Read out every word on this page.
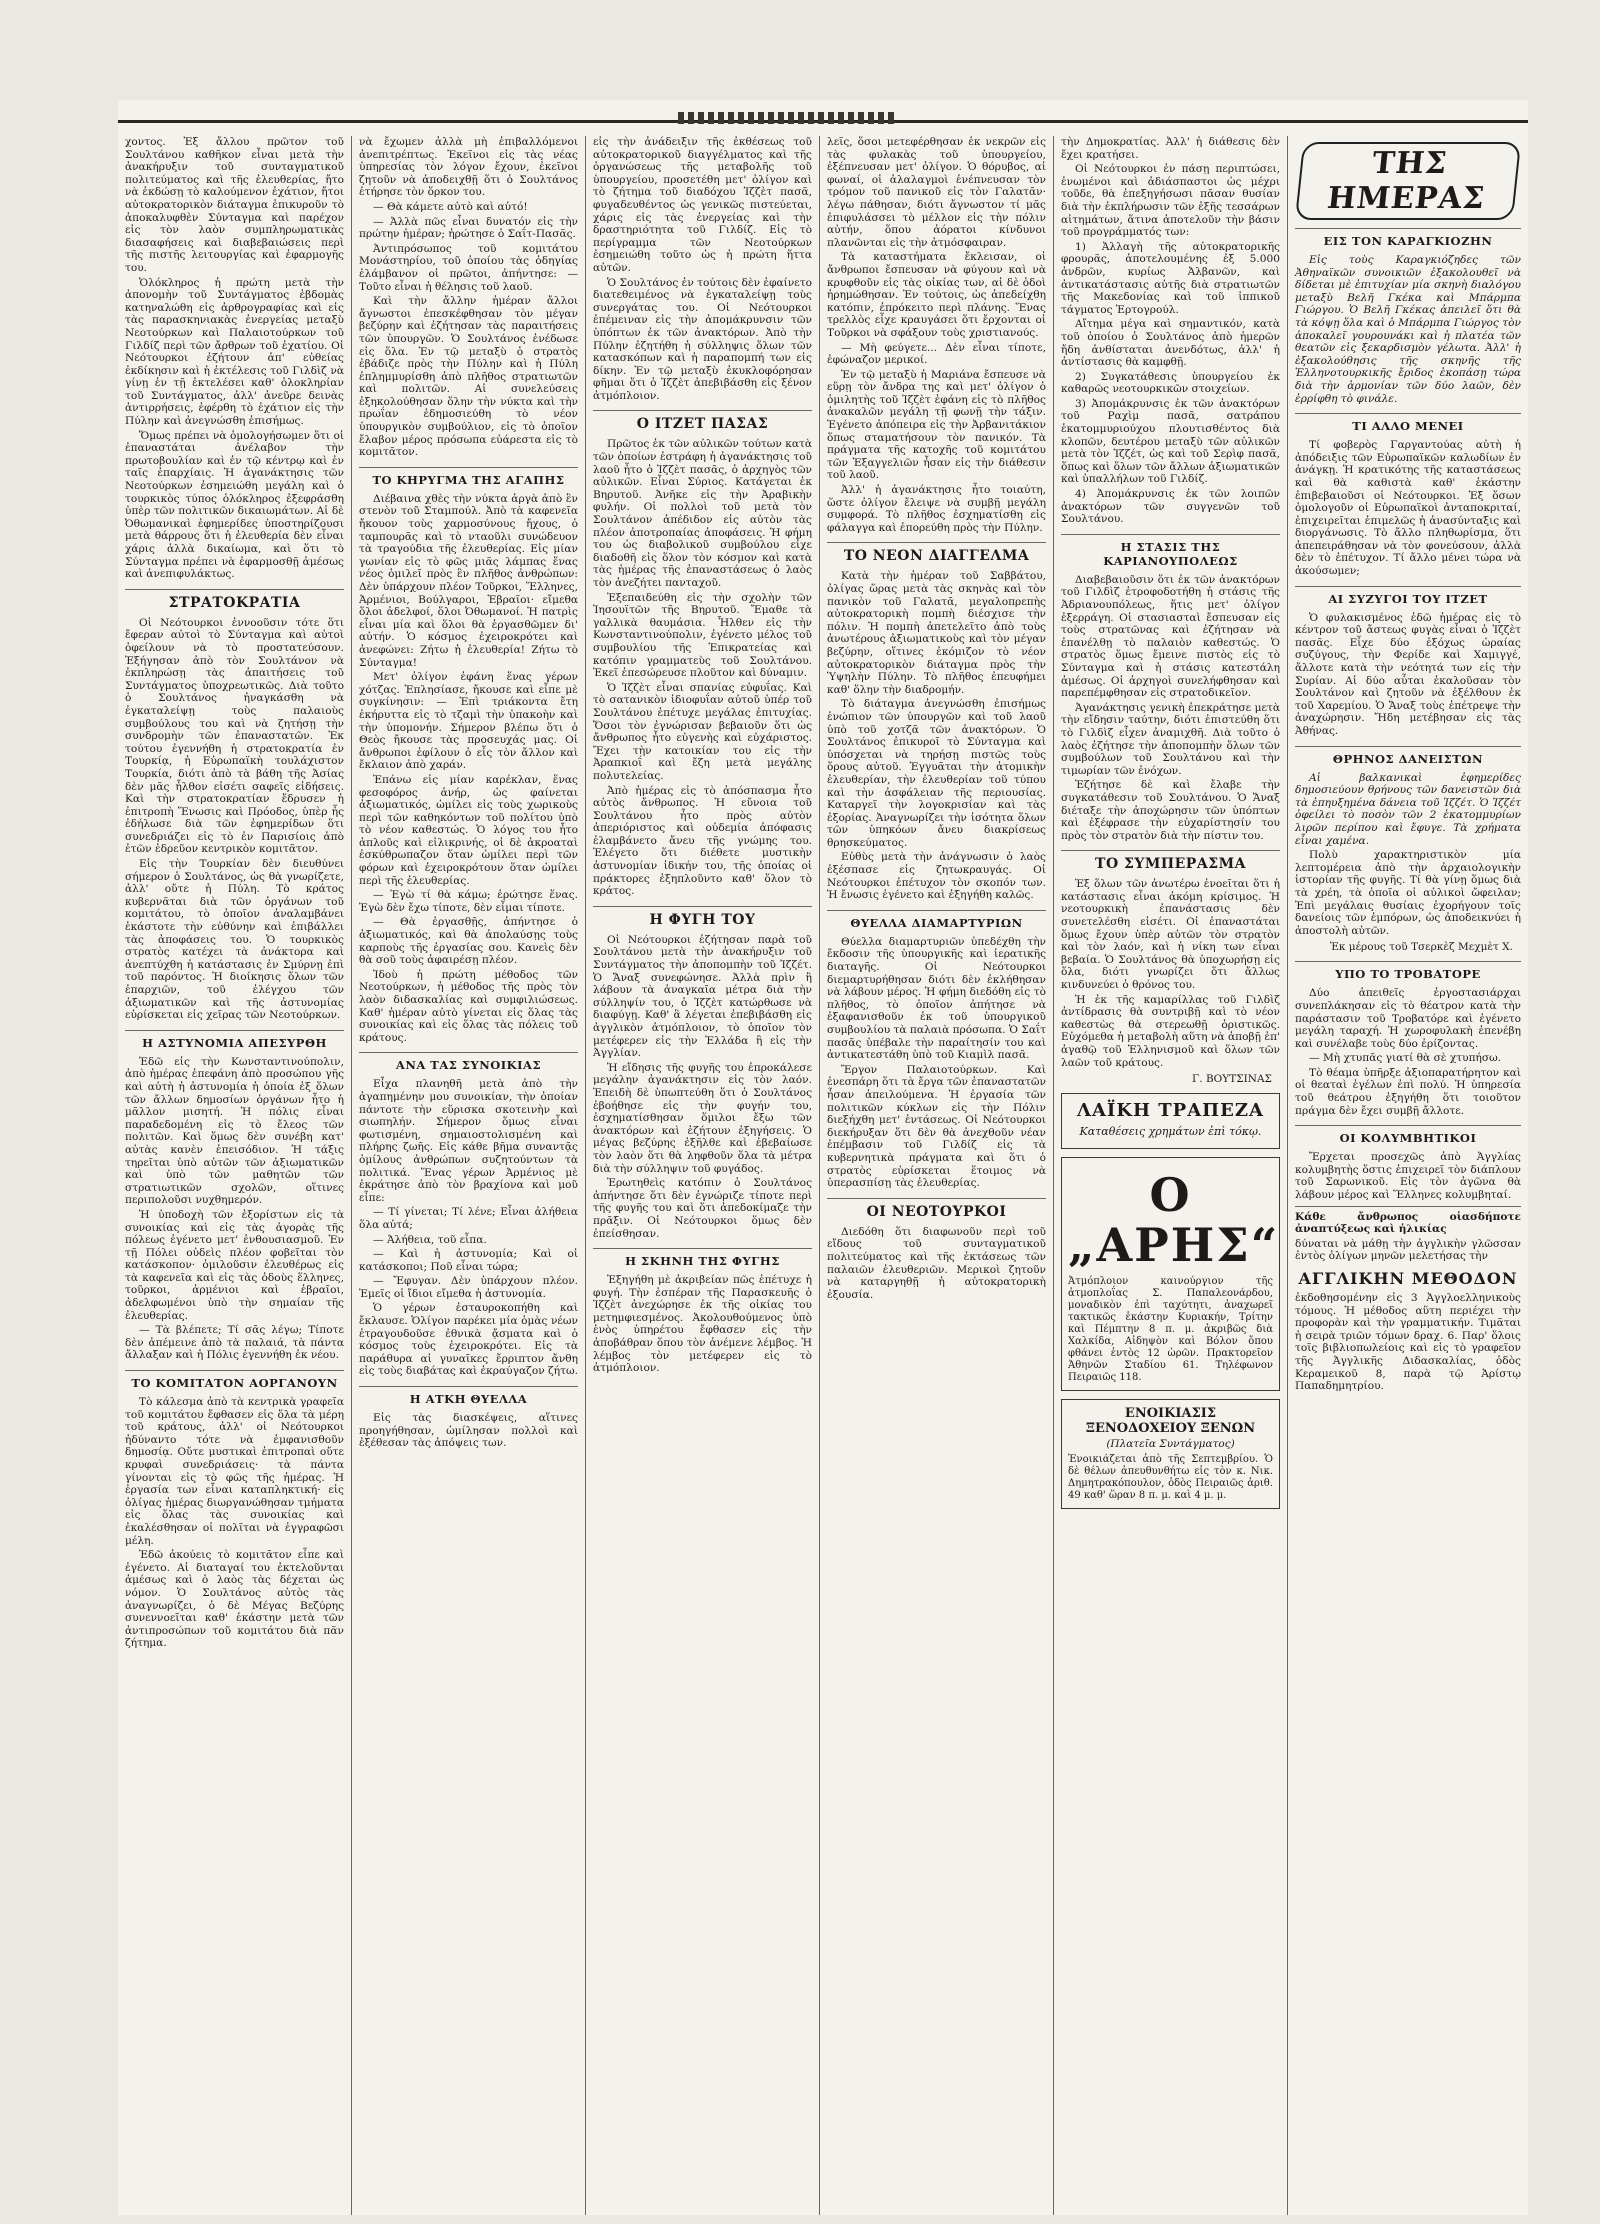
χοντος. Ἐξ ἄλλου πρῶτον τοῦ Σουλτάνου καθῆκον εἶναι μετὰ τὴν ἀνακήρυξιν τοῦ συνταγματικοῦ πολιτεύματος καὶ τῆς ἐλευθερίας, ἤτο νὰ ἐκδώσῃ τὸ καλούμενον ἐχάτιον, ἤτοι αὐτοκρατορικὸν διάταγμα ἐπικυροῦν τὸ ἀποκαλυφθὲν Σύνταγμα καὶ παρέχον εἰς τὸν λαὸν συμπληρωματικὰς διασαφήσεις καὶ διαβεβαιώσεις περὶ τῆς πιστῆς λειτουργίας καὶ ἐφαρμογῆς του.

Ὁλόκληρος ἡ πρώτη μετὰ τὴν ἀπονομὴν τοῦ Συντάγματος ἑβδομὰς κατηναλώθη εἰς ἀρθρογραφίας καὶ εἰς τὰς παρασκηνιακὰς ἐνεργείας μεταξὺ Νεοτούρκων καὶ Παλαιοτούρκων τοῦ Γιλδίζ περὶ τῶν ἄρθρων τοῦ ἐχατίου. Οἱ Νεότουρκοι ἐζήτουν ἀπ' εὐθείας ἐκδίκησιν καὶ ἡ ἐκτέλεσις τοῦ Γιλδὶζ νὰ γίνῃ ἐν τῇ ἐκτελέσει καθ' ὁλοκληρίαν τοῦ Συντάγματος, ἀλλ' ἀνεῦρε δεινὰς ἀντιρρήσεις, ἐφέρθη τὸ ἐχάτιον εἰς τὴν Πύλην καὶ ἀνεγνώσθη ἐπισήμως.

Ὅμως πρέπει νὰ ὁμολογήσωμεν ὅτι οἱ ἐπαναστάται ἀνέλαβον τὴν πρωτοβουλίαν καὶ ἐν τῷ κέντρῳ καὶ ἐν ταῖς ἐπαρχίαις. Ἡ ἀγανάκτησις τῶν Νεοτούρκων ἐσημειώθη μεγάλη καὶ ὁ τουρκικὸς τύπος ὁλόκληρος ἐξεφράσθη ὑπὲρ τῶν πολιτικῶν δικαιωμάτων. Αἱ δὲ Ὀθωμανικαὶ ἐφημερίδες ὑποστηρίζουσι μετὰ θάρρους ὅτι ἡ ἐλευθερία δὲν εἶναι χάρις ἀλλὰ δικαίωμα, καὶ ὅτι τὸ Σύνταγμα πρέπει νὰ ἐφαρμοσθῇ ἀμέσως καὶ ἀνεπιφυλάκτως.

ΣΤΡΑΤΟΚΡΑΤΙΑ

Οἱ Νεότουρκοι ἐννοοῦσιν τότε ὅτι ἔφεραν αὐτοὶ τὸ Σύνταγμα καὶ αὐτοὶ ὀφείλουν νὰ τὸ προστατεύσουν. Ἐξήγησαν ἀπὸ τὸν Σουλτάνον νὰ ἐκπληρώσῃ τὰς ἀπαιτήσεις τοῦ Συντάγματος ὑποχρεωτικῶς. Διὰ τοῦτο ὁ Σουλτάνος ἠναγκάσθη νὰ ἐγκαταλείψῃ τοὺς παλαιοὺς συμβούλους του καὶ νὰ ζητήσῃ τὴν συνδρομὴν τῶν ἐπαναστατῶν. Ἐκ τούτου ἐγεννήθη ἡ στρατοκρατία ἐν Τουρκίᾳ, ἡ Εὐρωπαϊκὴ τουλάχιστον Τουρκία, διότι ἀπὸ τὰ βάθη τῆς Ἀσίας δὲν μᾶς ἦλθον εἰσέτι σαφεῖς εἰδήσεις. Καὶ τὴν στρατοκρατίαν ἔδρυσεν ἡ ἐπιτροπὴ Ἕνωσις καὶ Πρόοδος, ὑπὲρ ἧς ἐδήλωσε διὰ τῶν ἐφημερίδων ὅτι συνεδριάζει εἰς τὸ ἐν Παρισίοις ἀπὸ ἐτῶν ἑδρεῦον κεντρικὸν κομιτᾶτον.

Εἰς τὴν Τουρκίαν δὲν διευθύνει σήμερον ὁ Σουλτάνος, ὡς θὰ γνωρίζετε, ἀλλ' οὔτε ἡ Πύλη. Τὸ κράτος κυβερνᾶται διὰ τῶν ὀργάνων τοῦ κομιτάτου, τὸ ὁποῖον ἀναλαμβάνει ἑκάστοτε τὴν εὐθύνην καὶ ἐπιβάλλει τὰς ἀποφάσεις του. Ὁ τουρκικὸς στρατὸς κατέχει τὰ ἀνάκτορα καὶ ἀνεπτύχθη ἡ κατάστασις ἐν Σμύρνῃ ἐπὶ τοῦ παρόντος. Ἡ διοίκησις ὅλων τῶν ἐπαρχιῶν, τοῦ ἐλέγχου τῶν ἀξιωματικῶν καὶ τῆς ἀστυνομίας εὑρίσκεται εἰς χεῖρας τῶν Νεοτούρκων.

Η ΑΣΤΥΝΟΜΙΑ ΑΠΕΣΥΡΘΗ

Ἐδῶ εἰς τὴν Κωνσταντινούπολιν, ἀπὸ ἡμέρας ἐπεφάνη ἀπὸ προσώπου γῆς καὶ αὐτὴ ἡ ἀστυνομία ἡ ὁποία ἐξ ὅλων τῶν ἄλλων δημοσίων ὀργάνων ἦτο ἡ μᾶλλον μισητή. Ἡ πόλις εἶναι παραδεδομένη εἰς τὸ ἔλεος τῶν πολιτῶν. Καὶ ὅμως δὲν συνέβη κατ' αὐτὰς κανὲν ἐπεισόδιον. Ἡ τάξις τηρεῖται ὑπὸ αὐτῶν τῶν ἀξιωματικῶν καὶ ὑπὸ τῶν μαθητῶν τῶν στρατιωτικῶν σχολῶν, οἵτινες περιπολοῦσι νυχθημερόν.

Ἡ ὑποδοχὴ τῶν ἐξορίστων εἰς τὰ συνοικίας καὶ εἰς τὰς ἀγορὰς τῆς πόλεως ἐγένετο μετ' ἐνθουσιασμοῦ. Ἐν τῇ Πόλει οὐδεὶς πλέον φοβεῖται τὸν κατάσκοπον· ὁμιλοῦσιν ἐλευθέρως εἰς τὰ καφενεῖα καὶ εἰς τὰς ὁδοὺς ἕλληνες, τοῦρκοι, ἀρμένιοι καὶ ἑβραῖοι, ἀδελφωμένοι ὑπὸ τὴν σημαίαν τῆς ἐλευθερίας.

— Τὰ βλέπετε; Τί σᾶς λέγω; Τίποτε δὲν ἀπέμεινε ἀπὸ τὰ παλαιά, τὰ πάντα ἄλλαξαν καὶ ἡ Πόλις ἐγεννήθη ἐκ νέου.

ΤΟ ΚΟΜΙΤΑΤΟΝ ΑΟΡΓΑΝΟΥΝ

Τὸ κάλεσμα ἀπὸ τὰ κεντρικὰ γραφεῖα τοῦ κομιτάτου ἔφθασεν εἰς ὅλα τὰ μέρη τοῦ κράτους, ἀλλ' οἱ Νεότουρκοι ἠδύναντο τότε νὰ ἐμφανισθοῦν δημοσίᾳ. Οὔτε μυστικαὶ ἐπιτροπαὶ οὔτε κρυφαὶ συνεδριάσεις· τὰ πάντα γίνονται εἰς τὸ φῶς τῆς ἡμέρας. Ἡ ἐργασία των εἶναι καταπληκτική· εἰς ὀλίγας ἡμέρας διωργανώθησαν τμήματα εἰς ὅλας τὰς συνοικίας καὶ ἐκαλέσθησαν οἱ πολῖται νὰ ἐγγραφῶσι μέλη.

Ἐδῶ ἀκούεις τὸ κομιτᾶτον εἶπε καὶ ἐγένετο. Αἱ διαταγαί του ἐκτελοῦνται ἀμέσως καὶ ὁ λαὸς τὰς δέχεται ὡς νόμον. Ὁ Σουλτάνος αὐτὸς τὰς ἀναγνωρίζει, ὁ δὲ Μέγας Βεζύρης συνεννοεῖται καθ' ἑκάστην μετὰ τῶν ἀντιπροσώπων τοῦ κομιτάτου διὰ πᾶν ζήτημα.

νὰ ἔχωμεν ἀλλὰ μὴ ἐπιβαλλόμενοι ἀνεπιτρέπτως. Ἐκεῖνοι εἰς τὰς νέας ὑπηρεσίας τὸν λόγον ἔχουν, ἐκεῖνοι ζητοῦν νὰ ἀποδειχθῇ ὅτι ὁ Σουλτάνος ἐτήρησε τὸν ὅρκον του.

— Θὰ κάμετε αὐτὸ καὶ αὐτό!

— Ἀλλὰ πῶς εἶναι δυνατόν εἰς τὴν πρώτην ἡμέραν; ἠρώτησε ὁ Σαΐτ-Πασᾶς.

Ἀντιπρόσωπος τοῦ κομιτάτου Μονάστηρίου, τοῦ ὁποίου τὰς ὁδηγίας ἐλάμβανον οἱ πρῶτοι, ἀπήντησε: — Τοῦτο εἶναι ἡ θέλησις τοῦ λαοῦ.

Καὶ τὴν ἄλλην ἡμέραν ἄλλοι ἄγνωστοι ἐπεσκέφθησαν τὸν μέγαν βεζύρην καὶ ἐζήτησαν τὰς παραιτήσεις τῶν ὑπουργῶν. Ὁ Σουλτάνος ἐνέδωσε εἰς ὅλα. Ἐν τῷ μεταξὺ ὁ στρατὸς ἐβάδιζε πρὸς τὴν Πύλην καὶ ἡ Πύλη ἐπλημμυρίσθη ἀπὸ πλῆθος στρατιωτῶν καὶ πολιτῶν. Αἱ συνελεύσεις ἐξηκολούθησαν ὅλην τὴν νύκτα καὶ τὴν πρωΐαν ἐδημοσιεύθη τὸ νέον ὑπουργικὸν συμβούλιον, εἰς τὸ ὁποῖον ἔλαβον μέρος πρόσωπα εὐάρεστα εἰς τὸ κομιτᾶτον.

ΤΟ ΚΗΡΥΓΜΑ ΤΗΣ ΑΓΑΠΗΣ

Διέβαινα χθὲς τὴν νύκτα ἀργὰ ἀπὸ ἓν στενὸν τοῦ Σταμπούλ. Ἀπὸ τὰ καφενεῖα ἤκουον τοὺς χαρμοσύνους ἤχους, ὁ ταμπουρᾶς καὶ τὸ νταοῦλι συνώδευον τὰ τραγούδια τῆς ἐλευθερίας. Εἰς μίαν γωνίαν εἰς τὸ φῶς μιᾶς λάμπας ἕνας νέος ὁμιλεῖ πρὸς ἓν πλῆθος ἀνθρώπων: Δὲν ὑπάρχουν πλέον Τοῦρκοι, Ἕλληνες, Ἀρμένιοι, Βούλγαροι, Ἑβραῖοι· εἴμεθα ὅλοι ἀδελφοί, ὅλοι Ὀθωμανοί. Ἡ πατρὶς εἶναι μία καὶ ὅλοι θὰ ἐργασθῶμεν δι' αὐτήν. Ὁ κόσμος ἐχειροκρότει καὶ ἀνεφώνει: Ζήτω ἡ ἐλευθερία! Ζήτω τὸ Σύνταγμα!

Μετ' ὀλίγον ἐφάνη ἕνας γέρων χότζας. Ἐπλησίασε, ἤκουσε καὶ εἶπε μὲ συγκίνησιν: — Ἐπὶ τριάκοντα ἔτη ἐκήρυττα εἰς τὸ τζαμὶ τὴν ὑπακοὴν καὶ τὴν ὑπομονήν. Σήμερον βλέπω ὅτι ὁ Θεὸς ἤκουσε τὰς προσευχάς μας. Οἱ ἄνθρωποι ἐφίλουν ὁ εἷς τὸν ἄλλον καὶ ἔκλαιον ἀπὸ χαράν.

Ἐπάνω εἰς μίαν καρέκλαν, ἕνας φεσοφόρος ἀνήρ, ὡς φαίνεται ἀξιωματικός, ὡμίλει εἰς τοὺς χωρικοὺς περὶ τῶν καθηκόντων τοῦ πολίτου ὑπὸ τὸ νέον καθεστώς. Ὁ λόγος του ἦτο ἁπλοῦς καὶ εἰλικρινής, οἱ δὲ ἀκροαταὶ ἐσκύθρωπαζον ὅταν ὡμίλει περὶ τῶν φόρων καὶ ἐχειροκρότουν ὅταν ὡμίλει περὶ τῆς ἐλευθερίας.

— Ἐγὼ τί θὰ κάμω; ἐρώτησε ἕνας. Ἐγὼ δὲν ἔχω τίποτε, δὲν εἶμαι τίποτε.

— Θὰ ἐργασθῇς, ἀπήντησε ὁ ἀξιωματικός, καὶ θὰ ἀπολαύσῃς τοὺς καρποὺς τῆς ἐργασίας σου. Κανεὶς δὲν θὰ σοῦ τοὺς ἀφαιρέσῃ πλέον.

Ἰδοὺ ἡ πρώτη μέθοδος τῶν Νεοτούρκων, ἡ μέθοδος τῆς πρὸς τὸν λαὸν διδασκαλίας καὶ συμφιλιώσεως. Καθ' ἡμέραν αὐτὸ γίνεται εἰς ὅλας τὰς συνοικίας καὶ εἰς ὅλας τὰς πόλεις τοῦ κράτους.

ΑΝΑ ΤΑΣ ΣΥΝΟΙΚΙΑΣ

Εἶχα πλανηθῆ μετὰ ἀπὸ τὴν ἀγαπημένην μου συνοικίαν, τὴν ὁποίαν πάντοτε τὴν εὕρισκα σκοτεινὴν καὶ σιωπηλήν. Σήμερον ὅμως εἶναι φωτισμένη, σημαιοστολισμένη καὶ πλήρης ζωῆς. Εἰς κάθε βῆμα συναντᾷς ὁμίλους ἀνθρώπων συζητούντων τὰ πολιτικά. Ἕνας γέρων Ἀρμένιος μὲ ἐκράτησε ἀπὸ τὸν βραχίονα καὶ μοῦ εἶπε:

— Τί γίνεται; Τί λένε; Εἶναι ἀλήθεια ὅλα αὐτά;

— Ἀλήθεια, τοῦ εἶπα.

— Καὶ ἡ ἀστυνομία; Καὶ οἱ κατάσκοποι; Ποῦ εἶναι τώρα;

— Ἔφυγαν. Δὲν ὑπάρχουν πλέον. Ἐμεῖς οἱ ἴδιοι εἴμεθα ἡ ἀστυνομία.

Ὁ γέρων ἐσταυροκοπήθη καὶ ἔκλαυσε. Ὁλίγον παρέκει μία ὁμὰς νέων ἐτραγουδοῦσε ἐθνικὰ ᾄσματα καὶ ὁ κόσμος τοὺς ἐχειροκρότει. Εἰς τὰ παράθυρα αἱ γυναῖκες ἔρριπτον ἄνθη εἰς τοὺς διαβάτας καὶ ἐκραύγαζον ζήτω.

Η ΑΤΚΗ ΘΥΕΛΛΑ

Εἰς τὰς διασκέψεις, αἵτινες προηγήθησαν, ὡμίλησαν πολλοὶ καὶ ἐξέθεσαν τὰς ἀπόψεις των.

εἰς τὴν ἀνάδειξιν τῆς ἐκθέσεως τοῦ αὐτοκρατορικοῦ διαγγέλματος καὶ τῆς ὀργανώσεως τῆς μεταβολῆς τοῦ ὑπουργείου, προσετέθη μετ' ὀλίγον καὶ τὸ ζήτημα τοῦ διαδόχου Ἰζζὲτ πασᾶ, φυγαδευθέντος ὡς γενικῶς πιστεύεται, χάρις εἰς τὰς ἐνεργείας καὶ τὴν δραστηριότητα τοῦ Γιλδίζ. Εἰς τὸ περίγραμμα τῶν Νεοτούρκων ἐσημειώθη τοῦτο ὡς ἡ πρώτη ἥττα αὐτῶν.

Ὁ Σουλτάνος ἐν τούτοις δὲν ἐφαίνετο διατεθειμένος νὰ ἐγκαταλείψῃ τοὺς συνεργάτας του. Οἱ Νεότουρκοι ἐπέμειναν εἰς τὴν ἀπομάκρυνσιν τῶν ὑπόπτων ἐκ τῶν ἀνακτόρων. Ἀπὸ τὴν Πύλην ἐζητήθη ἡ σύλληψις ὅλων τῶν κατασκόπων καὶ ἡ παραπομπή των εἰς δίκην. Ἐν τῷ μεταξὺ ἐκυκλοφόρησαν φῆμαι ὅτι ὁ Ἰζζὲτ ἀπεβιβάσθη εἰς ξένον ἀτμόπλοιον.

Ο ΙΤΖΕΤ ΠΑΣΑΣ

Πρῶτος ἐκ τῶν αὐλικῶν τούτων κατὰ τῶν ὁποίων ἐστράφη ἡ ἀγανάκτησις τοῦ λαοῦ ἦτο ὁ Ἰζζὲτ πασᾶς, ὁ ἀρχηγὸς τῶν αὐλικῶν. Εἶναι Σύριος. Κατάγεται ἐκ Βηρυτοῦ. Ἀνῆκε εἰς τὴν Ἀραβικὴν φυλήν. Οἱ πολλοὶ τοῦ μετὰ τὸν Σουλτάνον ἀπέδιδον εἰς αὐτὸν τὰς πλέον ἀποτροπαίας ἀποφάσεις. Ἡ φήμη του ὡς διαβολικοῦ συμβούλου εἶχε διαδοθῆ εἰς ὅλον τὸν κόσμον καὶ κατὰ τὰς ἡμέρας τῆς ἐπαναστάσεως ὁ λαὸς τὸν ἀνεζήτει πανταχοῦ.

Ἐξεπαιδεύθη εἰς τὴν σχολὴν τῶν Ἰησουϊτῶν τῆς Βηρυτοῦ. Ἔμαθε τὰ γαλλικὰ θαυμάσια. Ἦλθεν εἰς τὴν Κωνσταντινούπολιν, ἐγένετο μέλος τοῦ συμβουλίου τῆς Ἐπικρατείας καὶ κατόπιν γραμματεὺς τοῦ Σουλτάνου. Ἐκεῖ ἐπεσώρευσε πλοῦτον καὶ δύναμιν.

Ὁ Ἰζζὲτ εἶναι σπανίας εὐφυΐας. Καὶ τὸ σατανικὸν ἰδιοφυΐαν αὐτοῦ ὑπέρ τοῦ Σουλτάνου ἐπέτυχε μεγάλας ἐπιτυχίας. Ὅσοι τὸν ἐγνώρισαν βεβαιοῦν ὅτι ὡς ἄνθρωπος ἦτο εὐγενὴς καὶ εὐχάριστος. Ἔχει τὴν κατοικίαν του εἰς τὴν Ἀραπκιοΐ καὶ ἔζη μετὰ μεγάλης πολυτελείας.

Ἀπὸ ἡμέρας εἰς τὸ ἀπόσπασμα ἦτο αὐτὸς ἄνθρωπος. Ἡ εὔνοια τοῦ Σουλτάνου ἦτο πρὸς αὐτὸν ἀπεριόριστος καὶ οὐδεμία ἀπόφασις ἐλαμβάνετο ἄνευ τῆς γνώμης του. Ἐλέγετο ὅτι διέθετε μυστικὴν ἀστυνομίαν ἰδικήν του, τῆς ὁποίας οἱ πράκτορες ἐξηπλοῦντο καθ' ὅλον τὸ κράτος.

Η ΦΥΓΗ ΤΟΥ

Οἱ Νεότουρκοι ἐζήτησαν παρὰ τοῦ Σουλτάνου μετὰ τὴν ἀνακήρυξιν τοῦ Συντάγματος τὴν ἀποπομπὴν τοῦ Ἰζζέτ. Ὁ Ἄναξ συνεφώνησε. Ἀλλὰ πρὶν ἢ λάβουν τὰ ἀναγκαῖα μέτρα διὰ τὴν σύλληψίν του, ὁ Ἰζζὲτ κατώρθωσε νὰ διαφύγῃ. Καθ' ἃ λέγεται ἐπεβιβάσθη εἰς ἀγγλικὸν ἀτμόπλοιον, τὸ ὁποῖον τὸν μετέφερεν εἰς τὴν Ἑλλάδα ἢ εἰς τὴν Ἀγγλίαν.

Ἡ εἴδησις τῆς φυγῆς του ἐπροκάλεσε μεγάλην ἀγανάκτησιν εἰς τὸν λαόν. Ἐπειδὴ δὲ ὑπωπτεύθη ὅτι ὁ Σουλτάνος ἐβοήθησε εἰς τὴν φυγήν του, ἐσχηματίσθησαν ὅμιλοι ἔξω τῶν ἀνακτόρων καὶ ἐζήτουν ἐξηγήσεις. Ὁ μέγας βεζύρης ἐξῆλθε καὶ ἐβεβαίωσε τὸν λαὸν ὅτι θὰ ληφθοῦν ὅλα τὰ μέτρα διὰ τὴν σύλληψιν τοῦ φυγάδος.

Ἐρωτηθεὶς κατόπιν ὁ Σουλτάνος ἀπήντησε ὅτι δὲν ἐγνώριζε τίποτε περὶ τῆς φυγῆς του καὶ ὅτι ἀπεδοκίμαζε τὴν πρᾶξιν. Οἱ Νεότουρκοι ὅμως δὲν ἐπείσθησαν.

Η ΣΚΗΝΗ ΤΗΣ ΦΥΓΗΣ

Ἐξηγήθη μὲ ἀκριβείαν πῶς ἐπέτυχε ἡ φυγή. Τὴν ἑσπέραν τῆς Παρασκευῆς ὁ Ἰζζὲτ ἀνεχώρησε ἐκ τῆς οἰκίας του μετημφιεσμένος. Ἀκολουθούμενος ὑπὸ ἑνὸς ὑπηρέτου ἔφθασεν εἰς τὴν ἀποβάθραν ὅπου τὸν ἀνέμενε λέμβος. Ἡ λέμβος τὸν μετέφερεν εἰς τὸ ἀτμόπλοιον.

λεῖς, ὅσοι μετεφέρθησαν ἐκ νεκρῶν εἰς τὰς φυλακὰς τοῦ ὑπουργείου, ἐξέπνευσαν μετ' ὀλίγον. Ὁ θόρυβος, αἱ φωναί, οἱ ἀλαλαγμοὶ ἐνέπνευσαν τὸν τρόμον τοῦ πανικοῦ εἰς τὸν Γαλατᾶν· λέγω πάθησαν, διότι ἄγνωστον τί μᾶς ἐπιφυλάσσει τὸ μέλλον εἰς τὴν πόλιν αὐτήν, ὅπου ἀόρατοι κίνδυνοι πλανῶνται εἰς τὴν ἀτμόσφαιραν.

Τὰ καταστήματα ἔκλεισαν, οἱ ἄνθρωποι ἔσπευσαν νὰ φύγουν καὶ νὰ κρυφθοῦν εἰς τὰς οἰκίας των, αἱ δὲ ὁδοὶ ἠρημώθησαν. Ἐν τούτοις, ὡς ἀπεδείχθη κατόπιν, ἐπρόκειτο περὶ πλάνης. Ἕνας τρελλὸς εἶχε κραυγάσει ὅτι ἔρχονται οἱ Τοῦρκοι νὰ σφάξουν τοὺς χριστιανούς.

— Μὴ φεύγετε... Δὲν εἶναι τίποτε, ἐφώναζον μερικοί.

Ἐν τῷ μεταξὺ ἡ Μαριάνα ἔσπευσε νὰ εὕρῃ τὸν ἄνδρα της καὶ μετ' ὀλίγον ὁ ὁμιλητὴς τοῦ Ἰζζὲτ ἐφάνη εἰς τὸ πλῆθος ἀνακαλῶν μεγάλη τῇ φωνῇ τὴν τάξιν. Ἐγένετο ἀπόπειρα εἰς τὴν Ἀρβανιτάκιον ὅπως σταματήσουν τὸν πανικόν. Τὰ πράγματα τῆς κατοχῆς τοῦ κομιτάτου τῶν Ἐξαγγελιῶν ἦσαν εἰς τὴν διάθεσιν τοῦ λαοῦ.

Ἀλλ' ἡ ἀγανάκτησις ἦτο τοιαύτη, ὥστε ὀλίγον ἔλειψε νὰ συμβῇ μεγάλη συμφορά. Τὸ πλῆθος ἐσχηματίσθη εἰς φάλαγγα καὶ ἐπορεύθη πρὸς τὴν Πύλην.

ΤΟ ΝΕΟΝ ΔΙΑΓΓΕΛΜΑ

Κατὰ τὴν ἡμέραν τοῦ Σαββάτου, ὀλίγας ὥρας μετὰ τὰς σκηνὰς καὶ τὸν πανικὸν τοῦ Γαλατᾶ, μεγαλοπρεπὴς αὐτοκρατορικὴ πομπὴ διέσχισε τὴν πόλιν. Ἡ πομπὴ ἀπετελεῖτο ἀπὸ τοὺς ἀνωτέρους ἀξιωματικοὺς καὶ τὸν μέγαν βεζύρην, οἵτινες ἐκόμιζον τὸ νέον αὐτοκρατορικὸν διάταγμα πρὸς τὴν Ὑψηλὴν Πύλην. Τὸ πλῆθος ἐπευφήμει καθ' ὅλην τὴν διαδρομήν.

Τὸ διάταγμα ἀνεγνώσθη ἐπισήμως ἐνώπιον τῶν ὑπουργῶν καὶ τοῦ λαοῦ ὑπὸ τοῦ χοτζᾶ τῶν ἀνακτόρων. Ὁ Σουλτάνος ἐπικυροῖ τὸ Σύνταγμα καὶ ὑπόσχεται νὰ τηρήσῃ πιστῶς τοὺς ὅρους αὐτοῦ. Ἐγγυᾶται τὴν ἀτομικὴν ἐλευθερίαν, τὴν ἐλευθερίαν τοῦ τύπου καὶ τὴν ἀσφάλειαν τῆς περιουσίας. Καταργεῖ τὴν λογοκρισίαν καὶ τὰς ἐξορίας. Ἀναγνωρίζει τὴν ἰσότητα ὅλων τῶν ὑπηκόων ἄνευ διακρίσεως θρησκεύματος.

Εὐθὺς μετὰ τὴν ἀνάγνωσιν ὁ λαὸς ἐξέσπασε εἰς ζητωκραυγάς. Οἱ Νεότουρκοι ἐπέτυχον τὸν σκοπόν των. Ἡ ἔνωσις ἐγένετο καὶ ἐξηγήθη καλῶς.

ΘΥΕΛΛΑ ΔΙΑΜΑΡΤΥΡΙΩΝ

Θύελλα διαμαρτυριῶν ὑπεδέχθη τὴν ἔκδοσιν τῆς ὑπουργικῆς καὶ ἰερατικῆς διαταγῆς. Οἱ Νεότουρκοι διεμαρτυρήθησαν διότι δὲν ἐκλήθησαν νὰ λάβουν μέρος. Ἡ φήμη διεδόθη εἰς τὸ πλῆθος, τὸ ὁποῖον ἀπήτησε νὰ ἐξαφανισθοῦν ἐκ τοῦ ὑπουργικοῦ συμβουλίου τὰ παλαιὰ πρόσωπα. Ὁ Σαΐτ πασᾶς ὑπέβαλε τὴν παραίτησίν του καὶ ἀντικατεστάθη ὑπὸ τοῦ Κιαμὶλ πασᾶ.

Ἔργον Παλαιοτούρκων. Καὶ ἐνεσπάρη ὅτι τὰ ἔργα τῶν ἐπαναστατῶν ἦσαν ἀπειλούμενα. Ἡ ἐργασία τῶν πολιτικῶν κύκλων εἰς τὴν Πόλιν διεξήχθη μετ' ἐντάσεως. Οἱ Νεότουρκοι διεκήρυξαν ὅτι δὲν θὰ ἀνεχθοῦν νέαν ἐπέμβασιν τοῦ Γιλδίζ εἰς τὰ κυβερνητικὰ πράγματα καὶ ὅτι ὁ στρατὸς εὑρίσκεται ἕτοιμος νὰ ὑπερασπίσῃ τὰς ἐλευθερίας.

ΟΙ ΝΕΟΤΟΥΡΚΟΙ

Διεδόθη ὅτι διαφωνοῦν περὶ τοῦ εἴδους τοῦ συνταγματικοῦ πολιτεύματος καὶ τῆς ἐκτάσεως τῶν παλαιῶν ἐλευθεριῶν. Μερικοὶ ζητοῦν νὰ καταργηθῇ ἡ αὐτοκρατορικὴ ἐξουσία.

τὴν Δημοκρατίας. Ἀλλ' ἡ διάθεσις δὲν ἔχει κρατήσει.

Οἱ Νεότουρκοι ἐν πάσῃ περιπτώσει, ἐνωμένοι καὶ ἀδιάσπαστοι ὡς μέχρι τοῦδε, θὰ ἐπεξηγήσωσι πᾶσαν θυσίαν διὰ τὴν ἐκπλήρωσιν τῶν ἑξῆς τεσσάρων αἰτημάτων, ἅτινα ἀποτελοῦν τὴν βάσιν τοῦ προγράμματός των:

1) Ἀλλαγὴ τῆς αὐτοκρατορικῆς φρουρᾶς, ἀποτελουμένης ἐξ 5.000 ἀνδρῶν, κυρίως Ἀλβανῶν, καὶ ἀντικατάστασις αὐτῆς διὰ στρατιωτῶν τῆς Μακεδονίας καὶ τοῦ ἱππικοῦ τάγματος Ἐρτογρούλ.

Αἴτημα μέγα καὶ σημαντικόν, κατὰ τοῦ ὁποίου ὁ Σουλτάνος ἀπὸ ἡμερῶν ἤδη ἀνθίσταται ἀνενδότως, ἀλλ' ἡ ἀντίστασις θὰ καμφθῇ.

2) Συγκατάθεσις ὑπουργείου ἐκ καθαρῶς νεοτουρκικῶν στοιχείων.

3) Ἀπομάκρυνσις ἐκ τῶν ἀνακτόρων τοῦ Ραχὶμ πασᾶ, σατράπου ἑκατομμυριούχου πλουτισθέντος διὰ κλοπῶν, δευτέρου μεταξὺ τῶν αὐλικῶν μετὰ τὸν Ἰζζέτ, ὡς καὶ τοῦ Σερὶφ πασᾶ, ὅπως καὶ ὅλων τῶν ἄλλων ἀξιωματικῶν καὶ ὑπαλλήλων τοῦ Γιλδίζ.

4) Ἀπομάκρυνσις ἐκ τῶν λοιπῶν ἀνακτόρων τῶν συγγενῶν τοῦ Σουλτάνου.

Η ΣΤΑΣΙΣ ΤΗΣ ΚΑΡΙΑΝΟΥΠΟΛΕΩΣ

Διαβεβαιοῦσιν ὅτι ἐκ τῶν ἀνακτόρων τοῦ Γιλδὶζ ἐτροφοδοτήθη ἡ στάσις τῆς Ἀδριανουπόλεως, ἥτις μετ' ὀλίγον ἐξερράγη. Οἱ στασιασταὶ ἔσπευσαν εἰς τοὺς στρατῶνας καὶ ἐζήτησαν νὰ ἐπανέλθῃ τὸ παλαιὸν καθεστώς. Ὁ στρατὸς ὅμως ἔμεινε πιστὸς εἰς τὸ Σύνταγμα καὶ ἡ στάσις κατεστάλη ἀμέσως. Οἱ ἀρχηγοὶ συνελήφθησαν καὶ παρεπέμφθησαν εἰς στρατοδικεῖον.

Ἀγανάκτησις γενικὴ ἐπεκράτησε μετὰ τὴν εἴδησιν ταύτην, διότι ἐπιστεύθη ὅτι τὸ Γιλδὶζ εἶχεν ἀναμιχθῆ. Διὰ τοῦτο ὁ λαὸς ἐζήτησε τὴν ἀποπομπὴν ὅλων τῶν συμβούλων τοῦ Σουλτάνου καὶ τὴν τιμωρίαν τῶν ἐνόχων.

Ἐζήτησε δὲ καὶ ἔλαβε τὴν συγκατάθεσιν τοῦ Σουλτάνου. Ὁ Ἄναξ διέταξε τὴν ἀποχώρησιν τῶν ὑπόπτων καὶ ἐξέφρασε τὴν εὐχαρίστησίν του πρὸς τὸν στρατὸν διὰ τὴν πίστιν του.

ΤΟ ΣΥΜΠΕΡΑΣΜΑ

Ἐξ ὅλων τῶν ἀνωτέρω ἐνοεῖται ὅτι ἡ κατάστασις εἶναι ἀκόμη κρίσιμος. Ἡ νεοτουρκικὴ ἐπανάστασις δὲν συνετελέσθη εἰσέτι. Οἱ ἐπαναστάται ὅμως ἔχουν ὑπὲρ αὐτῶν τὸν στρατὸν καὶ τὸν λαόν, καὶ ἡ νίκη των εἶναι βεβαία. Ὁ Σουλτάνος θὰ ὑποχωρήσῃ εἰς ὅλα, διότι γνωρίζει ὅτι ἄλλως κινδυνεύει ὁ θρόνος του.

Ἡ ἐκ τῆς καμαρίλλας τοῦ Γιλδὶζ ἀντίδρασις θὰ συντριβῇ καὶ τὸ νέον καθεστὼς θὰ στερεωθῇ ὁριστικῶς. Εὐχόμεθα ἡ μεταβολὴ αὕτη νὰ ἀποβῇ ἐπ' ἀγαθῷ τοῦ Ἑλληνισμοῦ καὶ ὅλων τῶν λαῶν τοῦ κράτους.

Γ. ΒΟΥΤΣΙΝΑΣ
ΛΑΪΚΗ ΤΡΑΠΕΖΑ
Καταθέσεις χρημάτων ἐπὶ τόκῳ.
Ο „ΑΡΗΣ“
Ἀτμόπλοιον καινούργιον τῆς ἀτμοπλοΐας Σ. Παπαλεονάρδου, μοναδικὸν ἐπὶ ταχύτητι, ἀναχωρεῖ τακτικῶς ἑκάστην Κυριακήν, Τρίτην καὶ Πέμπτην 8 π. μ. ἀκριβῶς διὰ Χαλκίδα, Αἰδηψὸν καὶ Βόλον ὅπου φθάνει ἐντὸς 12 ὡρῶν. Πρακτορεῖον Ἀθηνῶν Σταδίου 61. Τηλέφωνον Πειραιῶς 118.
ΕΝΟΙΚΙΑΣΙΣ ΞΕΝΟΔΟΧΕΙΟΥ ΞΕΝΩΝ
(Πλατεῖα Συντάγματος)
Ἐνοικιάζεται ἀπὸ τῆς Σεπτεμβρίου. Ὁ δὲ θέλων ἀπευθυνθήτω εἰς τὸν κ. Νικ. Δημητρακόπουλον, ὁδὸς Πειραιῶς ἀριθ. 49 καθ' ὥραν 8 π. μ. καὶ 4 μ. μ.
ΤΗΣ ΗΜΕΡΑΣ
ΕΙΣ ΤΟΝ ΚΑΡΑΓΚΙΟΖΗΝ

Εἰς τοὺς Καραγκιόζηδες τῶν Ἀθηναϊκῶν συνοικιῶν ἐξακολουθεῖ νὰ δίδεται μὲ ἐπιτυχίαν μία σκηνὴ διαλόγου μεταξὺ Βελῆ Γκέκα καὶ Μπάρμπα Γιώργου. Ὁ Βελῆ Γκέκας ἀπειλεῖ ὅτι θὰ τὰ κόψῃ ὅλα καὶ ὁ Μπάρμπα Γιώργος τὸν ἀποκαλεῖ γουρουνάκι καὶ ἡ πλατέα τῶν θεατῶν εἰς ξεκαρδισμὸν γέλωτα. Ἀλλ' ἡ ἐξακολούθησις τῆς σκηνῆς τῆς Ἑλληνοτουρκικῆς ἔριδος ἐκοπάσῃ τώρα διὰ τὴν ἁρμονίαν τῶν δύο λαῶν, δὲν ἐρρίφθη τὸ φινάλε.

ΤΙ ΑΛΛΟ ΜΕΝΕΙ

Τί φοβερὸς Γαργαντούας αὐτὴ ἡ ἀπόδειξις τῶν Εὐρωπαϊκῶν καλωδίων ἐν ἀνάγκῃ. Ἡ κρατικότης τῆς καταστάσεως καὶ θὰ καθιστὰ καθ' ἑκάστην ἐπιβεβαιοῦσι οἱ Νεότουρκοι. Ἐξ ὅσων ὁμολογοῦν οἱ Εὐρωπαϊκοὶ ἀνταποκριταί, ἐπιχειρεῖται ἐπιμελῶς ἡ ἀνασύνταξις καὶ διοργάνωσις. Τὸ ἄλλο πληθωρίσμα, ὅτι ἀπεπειράθησαν νὰ τὸν φονεύσουν, ἀλλὰ δὲν τὸ ἐπέτυχον. Τί ἄλλο μένει τώρα νὰ ἀκούσωμεν;

ΑΙ ΣΥΖΥΓΟΙ ΤΟΥ ΙΤΖΕΤ

Ὁ φυλακισμένος ἐδῶ ἡμέρας εἰς τὸ κέντρον τοῦ ἄστεως φυγὰς εἶναι ὁ Ἰζζὲτ πασᾶς. Εἶχε δύο ἐξόχως ὡραίας συζύγους, τὴν Φερίδε καὶ Χαμιγγέ, ἄλλοτε κατὰ τὴν νεότητά των εἰς τὴν Συρίαν. Αἱ δύο αὗται ἐκαλοῦσαν τὸν Σουλτάνον καὶ ζητοῦν νὰ ἐξέλθουν ἐκ τοῦ Χαρεμίου. Ὁ Ἄναξ τοὺς ἐπέτρεψε τὴν ἀναχώρησιν. Ἤδη μετέβησαν εἰς τὰς Ἀθήνας.

ΘΡΗΝΟΣ ΔΑΝΕΙΣΤΩΝ

Αἱ βαλκανικαὶ ἐφημερίδες δημοσιεύουν θρήνους τῶν δανειστῶν διὰ τὰ ἐπηυξημένα δάνεια τοῦ Ἰζζέτ. Ὁ Ἰζζέτ ὀφείλει τὸ ποσὸν τῶν 2 ἑκατομμυρίων λιρῶν περίπου καὶ ἔφυγε. Τὰ χρήματα εἶναι χαμένα.

Πολὺ χαρακτηριστικὸν μία λεπτομέρεια ἀπὸ τὴν ἀρχαιολογικὴν ἱστορίαν τῆς φυγῆς. Τί θὰ γίνῃ ὅμως διὰ τὰ χρέη, τὰ ὁποῖα οἱ αὐλικοὶ ὤφειλαν; Ἐπὶ μεγάλαις θυσίαις ἐχορήγουν τοῖς δανείοις τῶν ἐμπόρων, ὡς ἀποδεικνύει ἡ ἀποστολὴ αὐτῶν.

Ἐκ μέρους τοῦ Τσερκὲζ Μεχμὲτ Χ.
ΥΠΟ ΤΟ ΤΡΟΒΑΤΟΡΕ

Δύο ἀπειθεῖς ἐργοστασιάρχαι συνεπλάκησαν εἰς τὸ θέατρον κατὰ τὴν παράστασιν τοῦ Τροβατόρε καὶ ἐγένετο μεγάλη ταραχή. Ἡ χωροφυλακὴ ἐπενέβη καὶ συνέλαβε τοὺς δύο ἐρίζοντας.

— Μὴ χτυπᾶς γιατί θὰ σὲ χτυπήσω.

Τὸ θέαμα ὑπῆρξε ἀξιοπαρατήρητον καὶ οἱ θεαταὶ ἐγέλων ἐπὶ πολύ. Ἡ ὑπηρεσία τοῦ θεάτρου ἐξηγήθη ὅτι τοιοῦτον πράγμα δὲν ἔχει συμβῇ ἄλλοτε.

ΟΙ ΚΟΛΥΜΒΗΤΙΚΟΙ

Ἔρχεται προσεχῶς ἀπὸ Ἀγγλίας κολυμβητὴς ὅστις ἐπιχειρεῖ τὸν διάπλουν τοῦ Σαρωνικοῦ. Εἰς τὸν ἀγῶνα θὰ λάβουν μέρος καὶ Ἕλληνες κολυμβηταί.

Κάθε ἄνθρωπος οἱασδήποτε ἀναπτύξεως καὶ ἡλικίας

δύναται νὰ μάθῃ τὴν ἀγγλικὴν γλῶσσαν ἐντὸς ὀλίγων μηνῶν μελετήσας τὴν

ΑΓΓΛΙΚΗΝ ΜΕΘΟΔΟΝ

ἐκδοθησομένην εἰς 3 Ἀγγλοελληνικοὺς τόμους. Ἡ μέθοδος αὕτη περιέχει τὴν προφορὰν καὶ τὴν γραμματικήν. Τιμᾶται ἡ σειρὰ τριῶν τόμων δραχ. 6. Παρ' ὅλοις τοῖς βιβλιοπωλείοις καὶ εἰς τὸ γραφεῖον τῆς Ἀγγλικῆς Διδασκαλίας, ὁδὸς Κεραμεικοῦ 8, παρὰ τῷ Ἀρίστῳ Παπαδημητρίου.
